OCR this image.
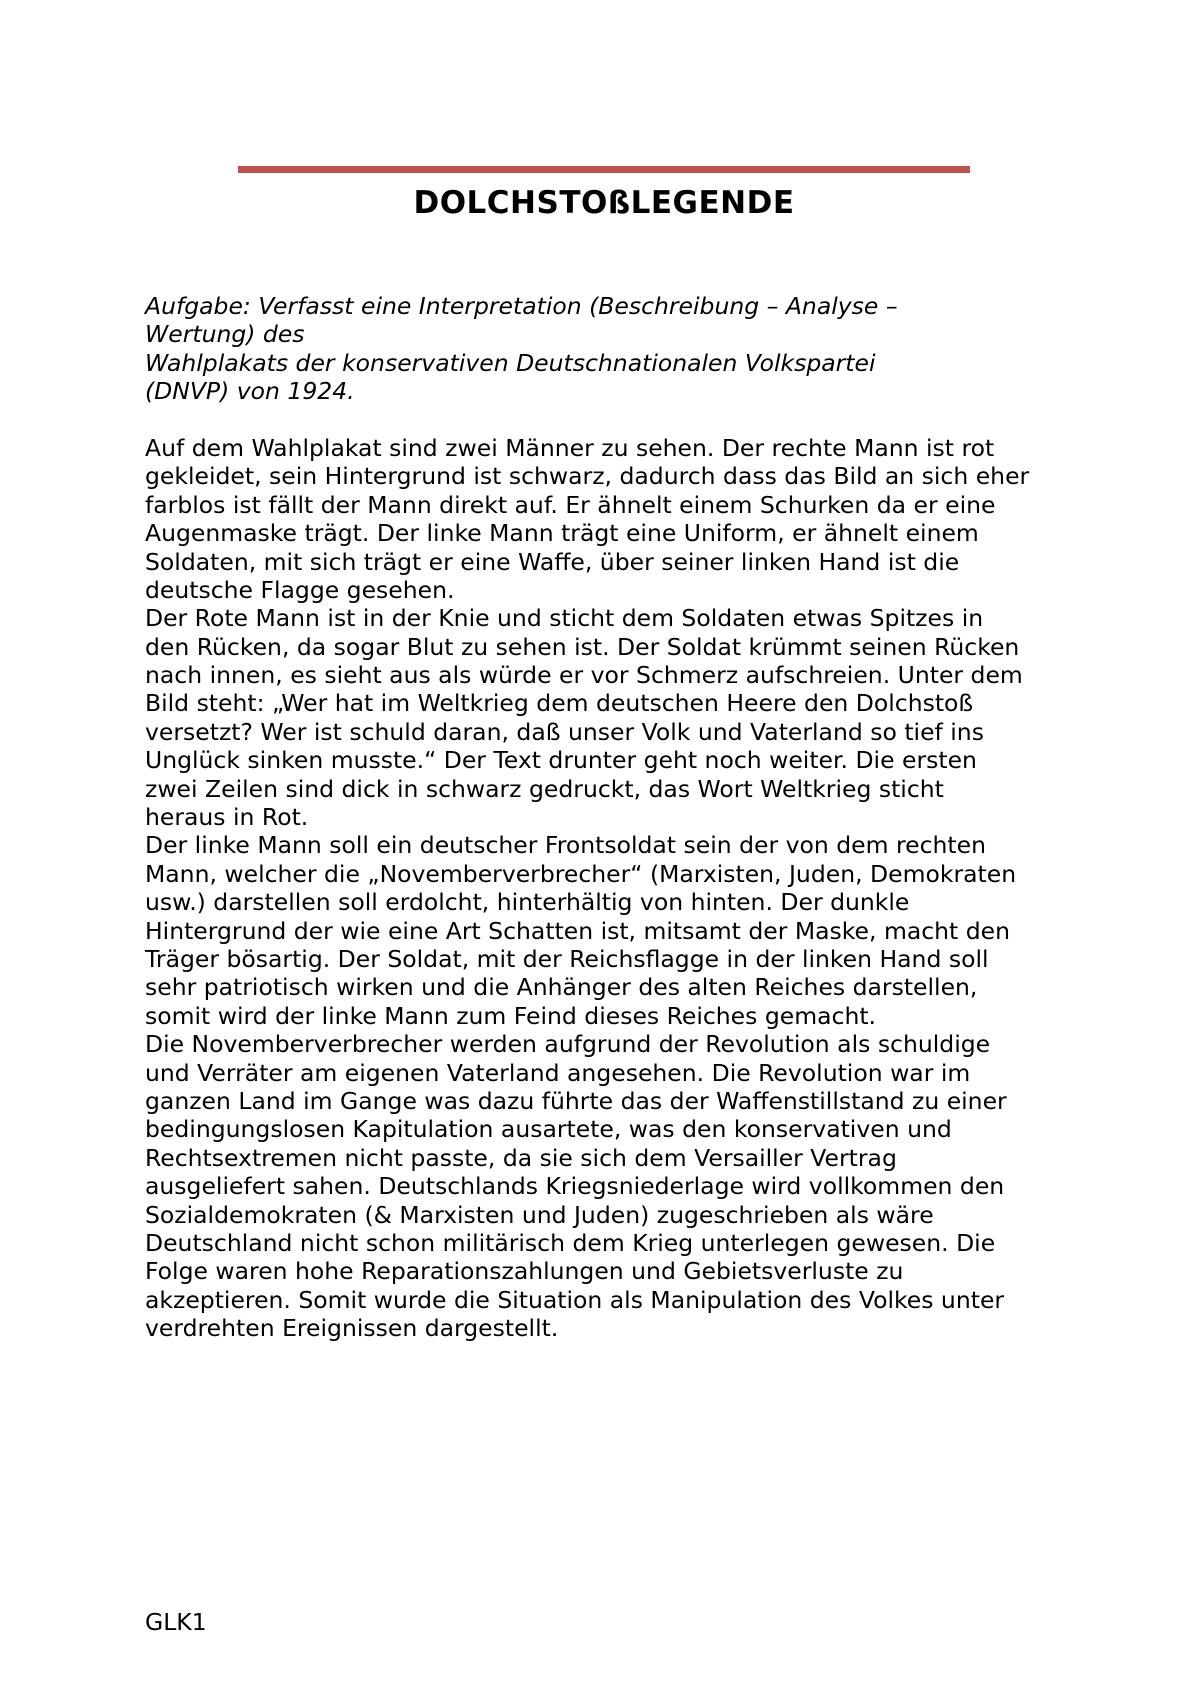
DOLCHSTOßLEGENDE
Aufgabe: Verfasst eine Interpretation (Beschreibung – Analyse –
Wertung) des
Wahlplakats der konservativen Deutschnationalen Volkspartei
(DNVP) von 1924.
Auf dem Wahlplakat sind zwei Männer zu sehen. Der rechte Mann ist rot
gekleidet, sein Hintergrund ist schwarz, dadurch dass das Bild an sich eher
farblos ist fällt der Mann direkt auf. Er ähnelt einem Schurken da er eine
Augenmaske trägt. Der linke Mann trägt eine Uniform, er ähnelt einem
Soldaten, mit sich trägt er eine Waffe, über seiner linken Hand ist die
deutsche Flagge gesehen.
Der Rote Mann ist in der Knie und sticht dem Soldaten etwas Spitzes in
den Rücken, da sogar Blut zu sehen ist. Der Soldat krümmt seinen Rücken
nach innen, es sieht aus als würde er vor Schmerz aufschreien. Unter dem
Bild steht: „Wer hat im Weltkrieg dem deutschen Heere den Dolchstoß
versetzt? Wer ist schuld daran, daß unser Volk und Vaterland so tief ins
Unglück sinken musste.“ Der Text drunter geht noch weiter. Die ersten
zwei Zeilen sind dick in schwarz gedruckt, das Wort Weltkrieg sticht
heraus in Rot.
Der linke Mann soll ein deutscher Frontsoldat sein der von dem rechten
Mann, welcher die „Novemberverbrecher“ (Marxisten, Juden, Demokraten
usw.) darstellen soll erdolcht, hinterhältig von hinten. Der dunkle
Hintergrund der wie eine Art Schatten ist, mitsamt der Maske, macht den
Träger bösartig. Der Soldat, mit der Reichsflagge in der linken Hand soll
sehr patriotisch wirken und die Anhänger des alten Reiches darstellen,
somit wird der linke Mann zum Feind dieses Reiches gemacht.
Die Novemberverbrecher werden aufgrund der Revolution als schuldige
und Verräter am eigenen Vaterland angesehen. Die Revolution war im
ganzen Land im Gange was dazu führte das der Waffenstillstand zu einer
bedingungslosen Kapitulation ausartete, was den konservativen und
Rechtsextremen nicht passte, da sie sich dem Versailler Vertrag
ausgeliefert sahen. Deutschlands Kriegsniederlage wird vollkommen den
Sozialdemokraten (& Marxisten und Juden) zugeschrieben als wäre
Deutschland nicht schon militärisch dem Krieg unterlegen gewesen. Die
Folge waren hohe Reparationszahlungen und Gebietsverluste zu
akzeptieren. Somit wurde die Situation als Manipulation des Volkes unter
verdrehten Ereignissen dargestellt.
GLK1
